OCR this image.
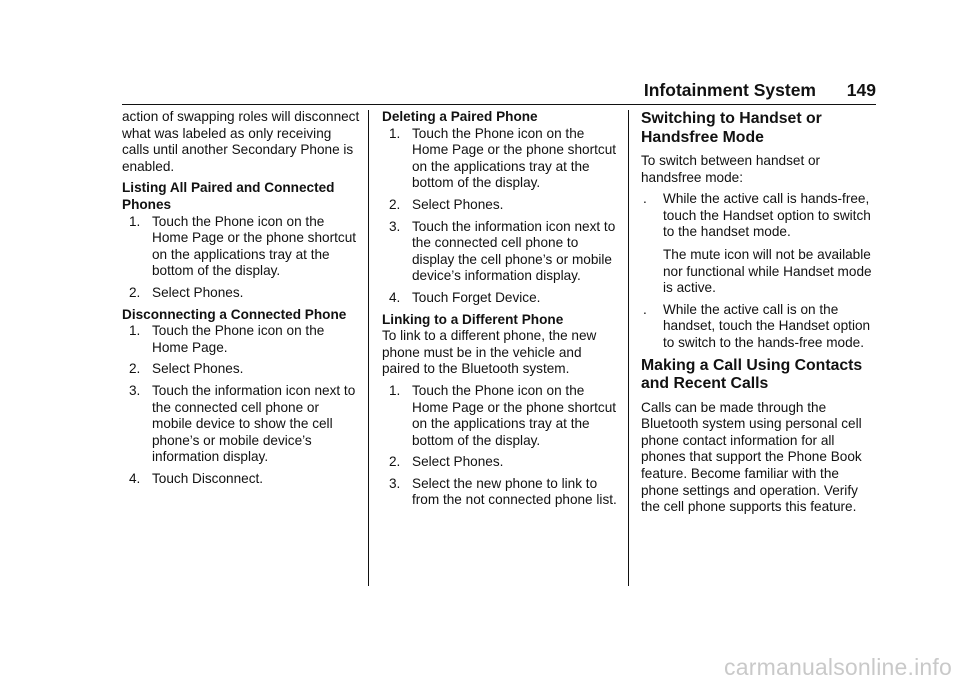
Infotainment System 149

action of swapping roles will disconnect what was labeled as only receiving calls until another Secondary Phone is enabled.

Listing All Paired and Connected Phones

1. Touch the Phone icon on the Home Page or the phone shortcut on the applications tray at the bottom of the display.
2. Select Phones.

Disconnecting a Connected Phone

1. Touch the Phone icon on the Home Page.
2. Select Phones.
3. Touch the information icon next to the connected cell phone or mobile device to show the cell phone’s or mobile device’s information display.
4. Touch Disconnect.

Deleting a Paired Phone

1. Touch the Phone icon on the Home Page or the phone shortcut on the applications tray at the bottom of the display.
2. Select Phones.
3. Touch the information icon next to the connected cell phone to display the cell phone’s or mobile device’s information display.
4. Touch Forget Device.

Linking to a Different Phone

To link to a different phone, the new phone must be in the vehicle and paired to the Bluetooth system.

1. Touch the Phone icon on the Home Page or the phone shortcut on the applications tray at the bottom of the display.
2. Select Phones.
3. Select the new phone to link to from the not connected phone list.

Switching to Handset or Handsfree Mode

To switch between handset or handsfree mode:

. While the active call is hands-free, touch the Handset option to switch to the handset mode.

The mute icon will not be available nor functional while Handset mode is active.

. While the active call is on the handset, touch the Handset option to switch to the hands-free mode.

Making a Call Using Contacts and Recent Calls

Calls can be made through the Bluetooth system using personal cell phone contact information for all phones that support the Phone Book feature. Become familiar with the phone settings and operation. Verify the cell phone supports this feature.

carmanualsonline.info
